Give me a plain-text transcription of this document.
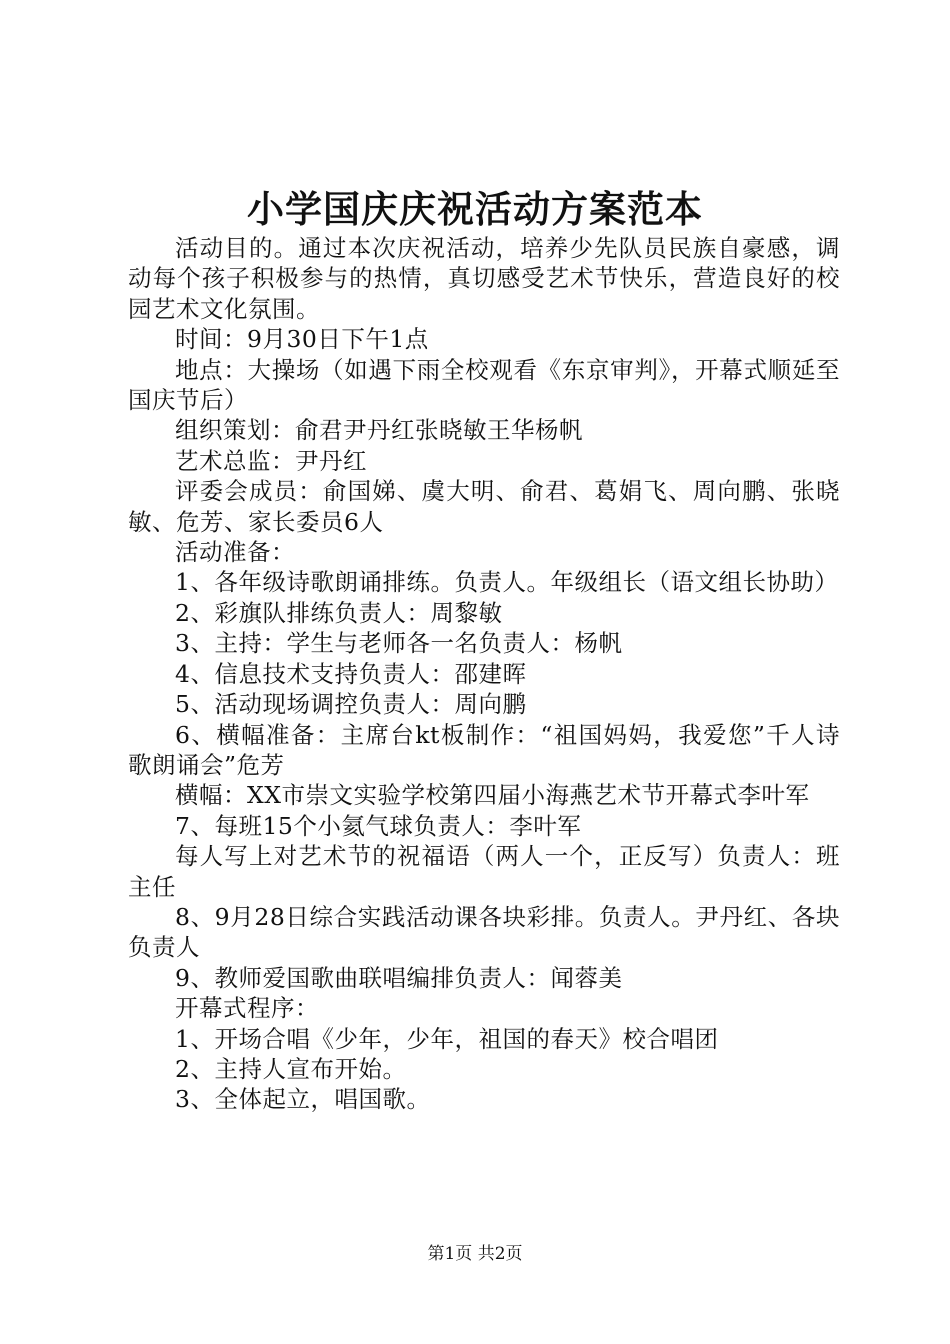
小学国庆庆祝活动方案范本

活动目的。通过本次庆祝活动，培养少先队员民族自豪感，调动每个孩子积极参与的热情，真切感受艺术节快乐，营造良好的校园艺术文化氛围。

时间：9月30日下午1点

地点：大操场（如遇下雨全校观看《东京审判》，开幕式顺延至国庆节后）

组织策划：俞君尹丹红张晓敏王华杨帆

艺术总监：尹丹红

评委会成员：俞国娣、虞大明、俞君、葛娟飞、周向鹏、张晓敏、危芳、家长委员6人

活动准备：

1、各年级诗歌朗诵排练。负责人。年级组长（语文组长协助）

2、彩旗队排练负责人：周黎敏

3、主持：学生与老师各一名负责人：杨帆

4、信息技术支持负责人：邵建晖

5、活动现场调控负责人：周向鹏

6、横幅准备：主席台kt板制作：“祖国妈妈，我爱您”千人诗歌朗诵会”危芳

横幅：XX市崇文实验学校第四届小海燕艺术节开幕式李叶军

7、每班15个小氦气球负责人：李叶军

每人写上对艺术节的祝福语（两人一个，正反写）负责人：班主任

8、9月28日综合实践活动课各块彩排。负责人。尹丹红、各块负责人

9、教师爱国歌曲联唱编排负责人：闻蓉美

开幕式程序：

1、开场合唱《少年，少年，祖国的春天》校合唱团

2、主持人宣布开始。

3、全体起立，唱国歌。

第1页 共2页
